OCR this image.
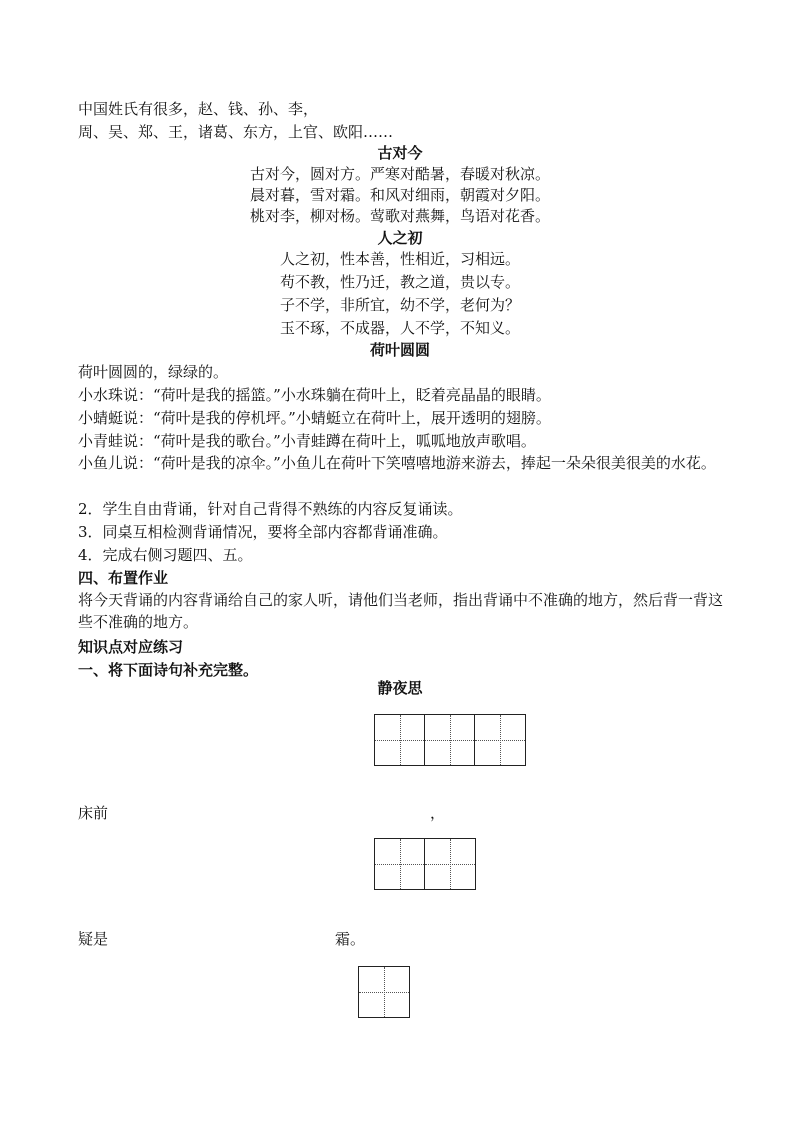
中国姓氏有很多，赵、钱、孙、李，
周、吴、郑、王，诸葛、东方，上官、欧阳……
古对今
古对今，圆对方。严寒对酷暑，春暖对秋凉。
晨对暮，雪对霜。和风对细雨，朝霞对夕阳。
桃对李，柳对杨。莺歌对燕舞，鸟语对花香。
人之初
人之初，性本善，性相近，习相远。
苟不教，性乃迁，教之道，贵以专。
子不学，非所宜，幼不学，老何为？
玉不琢，不成器，人不学，不知义。
荷叶圆圆
荷叶圆圆的，绿绿的。
小水珠说：“荷叶是我的摇篮。”小水珠躺在荷叶上，眨着亮晶晶的眼睛。
小蜻蜓说：“荷叶是我的停机坪。”小蜻蜓立在荷叶上，展开透明的翅膀。
小青蛙说：“荷叶是我的歌台。”小青蛙蹲在荷叶上，呱呱地放声歌唱。
小鱼儿说：“荷叶是我的凉伞。”小鱼儿在荷叶下笑嘻嘻地游来游去，捧起一朵朵很美很美的水花。
2．学生自由背诵，针对自己背得不熟练的内容反复诵读。
3．同桌互相检测背诵情况，要将全部内容都背诵准确。
4．完成右侧习题四、五。
四、布置作业
将今天背诵的内容背诵给自己的家人听，请他们当老师，指出背诵中不准确的地方，然后背一背这些不准确的地方。
知识点对应练习
一、将下面诗句补充完整。
静夜思
床前	，
疑是	霜。
